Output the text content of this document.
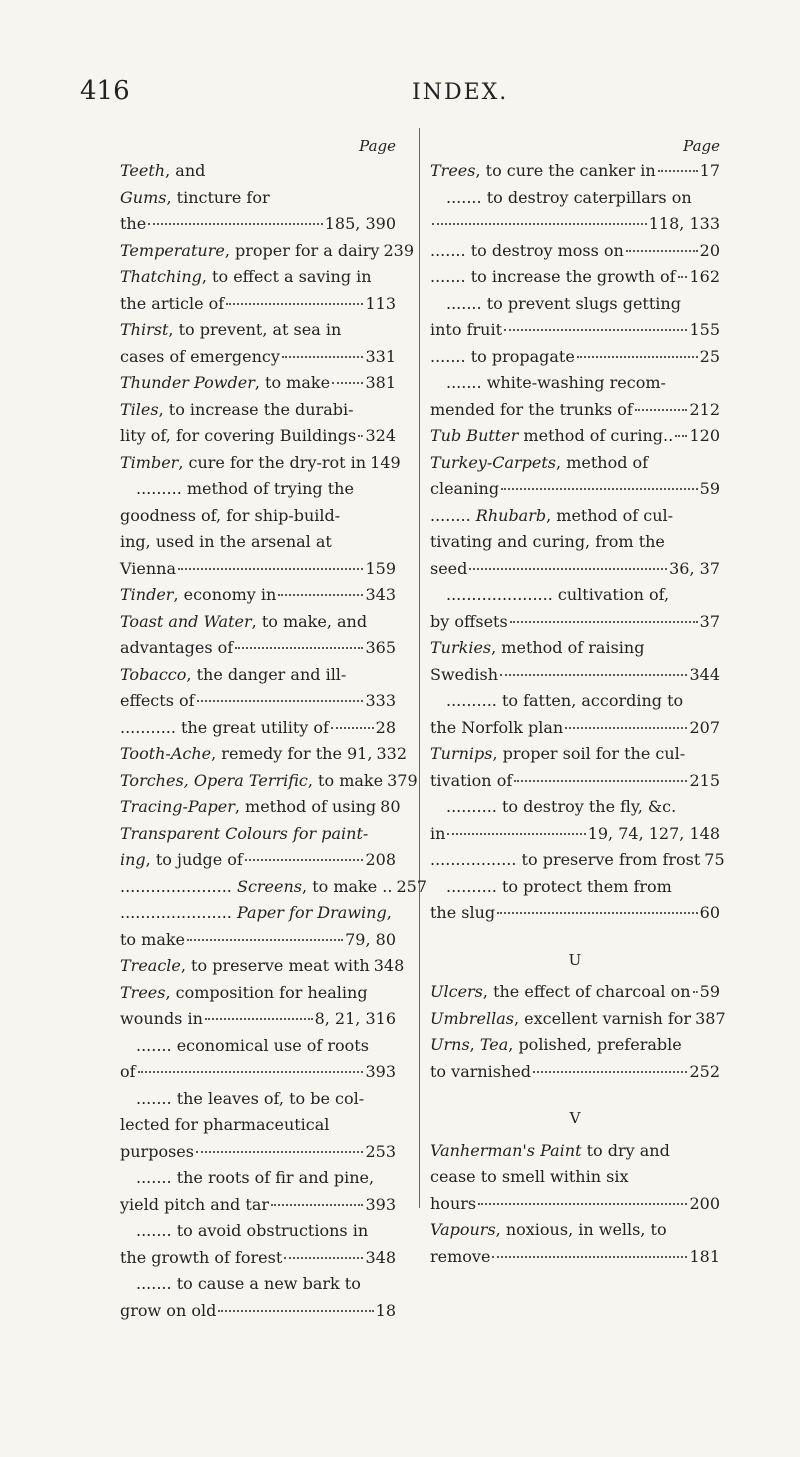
416	INDEX.
Page
Teeth, and
Gums, tincture for
the	185, 390
Temperature, proper for a dairy 239
Thatching, to effect a saving in
the article of	113
Thirst, to prevent, at sea in
cases of emergency	331
Thunder Powder, to make 381
Tiles, to increase the durabi-
lity of, for covering Buildings 324
Timber, cure for the dry-rot in 149
......... method of trying the
goodness of, for ship-build-
ing, used in the arsenal at
Vienna	159
Tinder, economy in	343
Toast and Water, to make, and
advantages of	365
Tobacco, the danger and ill-
effects of	333
........... the great utility of	28
Tooth-Ache, remedy for the 91, 332
Torches, Opera Terrific, to make 379
Tracing-Paper, method of using 80
Transparent Colours for paint-
ing, to judge of	208
...................... Screens, to make .. 257
...................... Paper for Drawing,
to make	79, 80
Treacle, to preserve meat with 348
Trees, composition for healing
wounds in	8, 21, 316
....... economical use of roots
of	393
....... the leaves of, to be col-
lected for pharmaceutical
purposes	253
....... the roots of fir and pine,
yield pitch and tar	393
....... to avoid obstructions in
the growth of forest	348
....... to cause a new bark to
grow on old	18
Page
Trees, to cure the canker in	17
....... to destroy caterpillars on
118, 133
....... to destroy moss on	20
....... to increase the growth of 162
....... to prevent slugs getting
into fruit	155
....... to propagate	25
....... white-washing recom-
mended for the trunks of	212
Tub Butter method of curing.. 120
Turkey-Carpets, method of
cleaning	59
........ Rhubarb, method of cul-
tivating and curing, from the
seed	36, 37
..................... cultivation of,
by offsets	37
Turkies, method of raising
Swedish	344
.......... to fatten, according to
the Norfolk plan	207
Turnips, proper soil for the cul-
tivation of	215
.......... to destroy the fly, &c.
in	19, 74, 127, 148
................. to preserve from frost 75
.......... to protect them from
the slug	60
U
Ulcers, the effect of charcoal on 59
Umbrellas, excellent varnish for 387
Urns, Tea, polished, preferable
to varnished	252
V
Vanherman's Paint to dry and
cease to smell within six
hours	200
Vapours, noxious, in wells, to
remove	181
